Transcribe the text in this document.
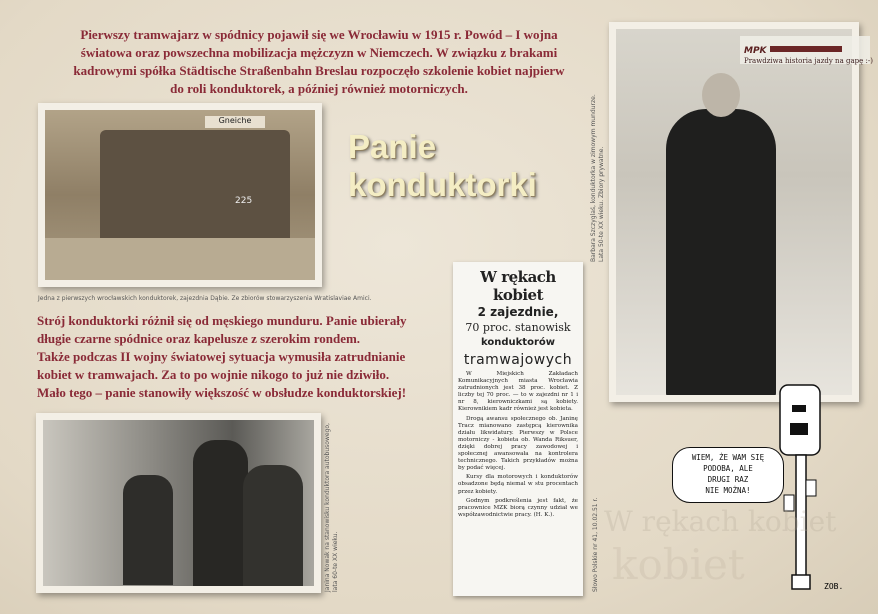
Pierwszy tramwajarz w spódnicy pojawił się we Wrocławiu w 1915 r. Powód – I wojna
światowa oraz powszechna mobilizacja mężczyzn w Niemczech. W związku z brakami
kadrowymi spółka Städtische Straßenbahn Breslau rozpoczęło szkolenie kobiet najpierw
do roli konduktorek, a później również motorniczych.
Gneiche
225
Jedna z pierwszych wrocławskich konduktorek, zajezdnia Dąbie. Ze zbiorów stowarzyszenia Wratislaviae Amici.
Panie
konduktorki
Strój konduktorki różnił się od męskiego munduru. Panie ubierały
długie czarne spódnice oraz kapelusze z szerokim rondem.
Także podczas II wojny światowej sytuacja wymusiła zatrudnianie
kobiet w tramwajach. Za to po wojnie nikogo to już nie dziwiło.
Mało tego – panie stanowiły większość w obsłudze konduktorskiej!
Janina Nowak na stanowisku konduktora autobusowego, lata 60-te XX wieku.
W rękach kobiet
2 zajezdnie,
70 proc. stanowisk
konduktorów
tramwajowych

W Miejskich Zakładach Komunikacyjnych miasta Wrocławia zatrudnionych jest 38 proc. kobiet. Z liczby tej 70 proc. — to w zajezdni nr 1 i nr 8, kierowniczkami są kobiety. Kierownikiem kadr również jest kobieta.

Drogą awansu społecznego ob. Janinę Tracz mianowano zastępcą kierownika działu likwidatury. Pierwszy w Polsce motorniczy - kobieta ob. Wanda Riksuer, dzięki dobrej pracy zawodowej i społecznej awansowała na kontrolera technicznego. Takich przykładów można by podać więcej.

Kursy dla motorowych i konduktorów obsadzone będą niemal w stu procentach przez kobiety.

Godnym podkreślenia jest fakt, że pracownice MZK biorą czynny udział we współzawodnictwie pracy. (H. K.).	Słowo Polskie nr 41, 10.02.51 r.
Barbara Szczyglaś, konduktorka w zimowym mundurze. Lata 50-te XX wieku. Zbiory prywatne.
MPK
Prawdziwa historia jazdy na gapę :-)
W rękach kobiet
kobiet
WIEM, ŻE WAM SIĘ
PODOBA, ALE
DRUGI RAZ
NIE MOŻNA!
ZOB.
